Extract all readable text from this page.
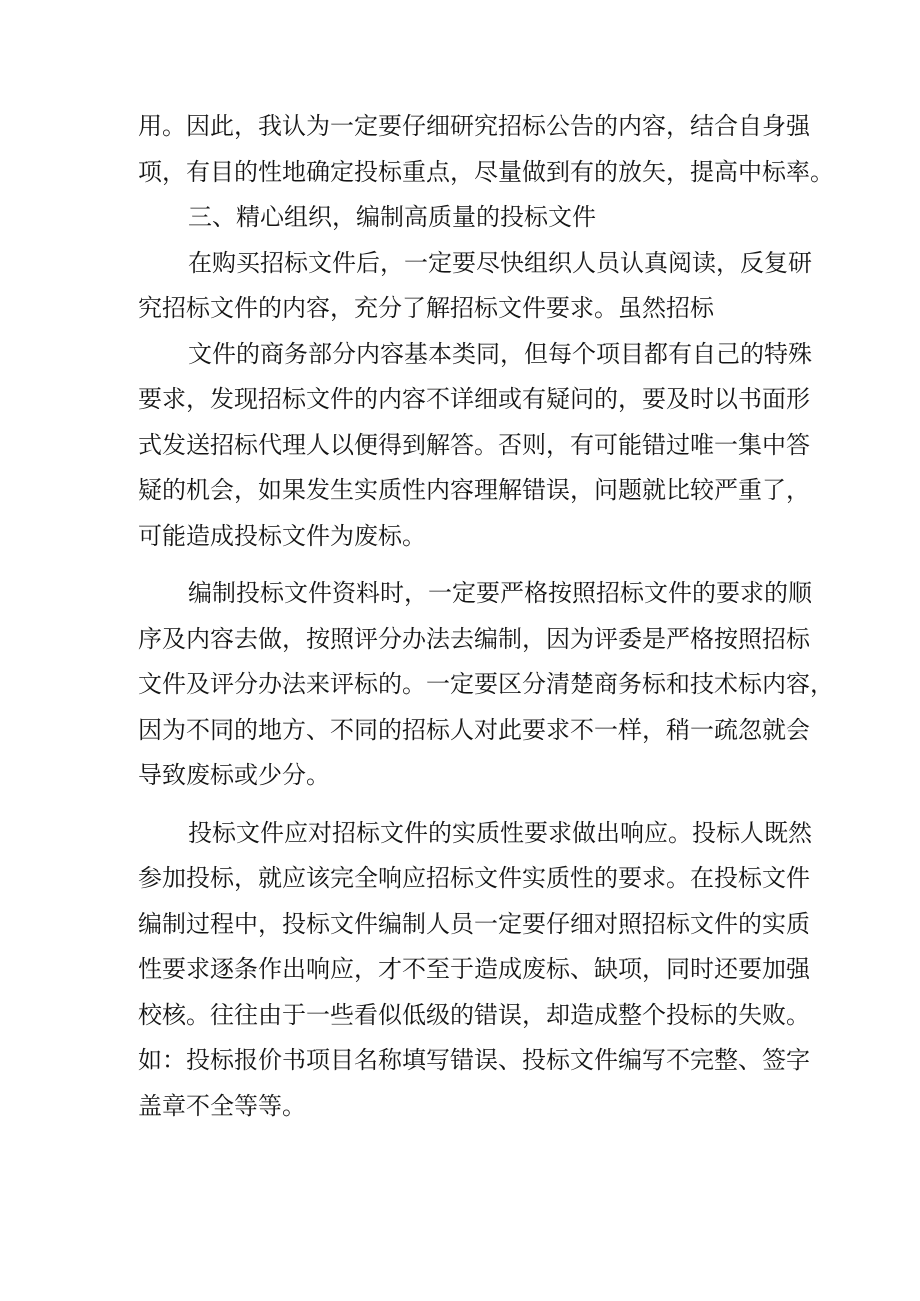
用。因此，我认为一定要仔细研究招标公告的内容，结合自身强
项，有目的性地确定投标重点，尽量做到有的放矢，提高中标率。
三、精心组织，编制高质量的投标文件
在购买招标文件后，一定要尽快组织人员认真阅读，反复研
究招标文件的内容，充分了解招标文件要求。虽然招标
文件的商务部分内容基本类同，但每个项目都有自己的特殊
要求，发现招标文件的内容不详细或有疑问的，要及时以书面形
式发送招标代理人以便得到解答。否则，有可能错过唯一集中答
疑的机会，如果发生实质性内容理解错误，问题就比较严重了，
可能造成投标文件为废标。
编制投标文件资料时，一定要严格按照招标文件的要求的顺
序及内容去做，按照评分办法去编制，因为评委是严格按照招标
文件及评分办法来评标的。一定要区分清楚商务标和技术标内容，
因为不同的地方、不同的招标人对此要求不一样，稍一疏忽就会
导致废标或少分。
投标文件应对招标文件的实质性要求做出响应。投标人既然
参加投标，就应该完全响应招标文件实质性的要求。在投标文件
编制过程中，投标文件编制人员一定要仔细对照招标文件的实质
性要求逐条作出响应，才不至于造成废标、缺项，同时还要加强
校核。往往由于一些看似低级的错误，却造成整个投标的失败。
如：投标报价书项目名称填写错误、投标文件编写不完整、签字
盖章不全等等。
